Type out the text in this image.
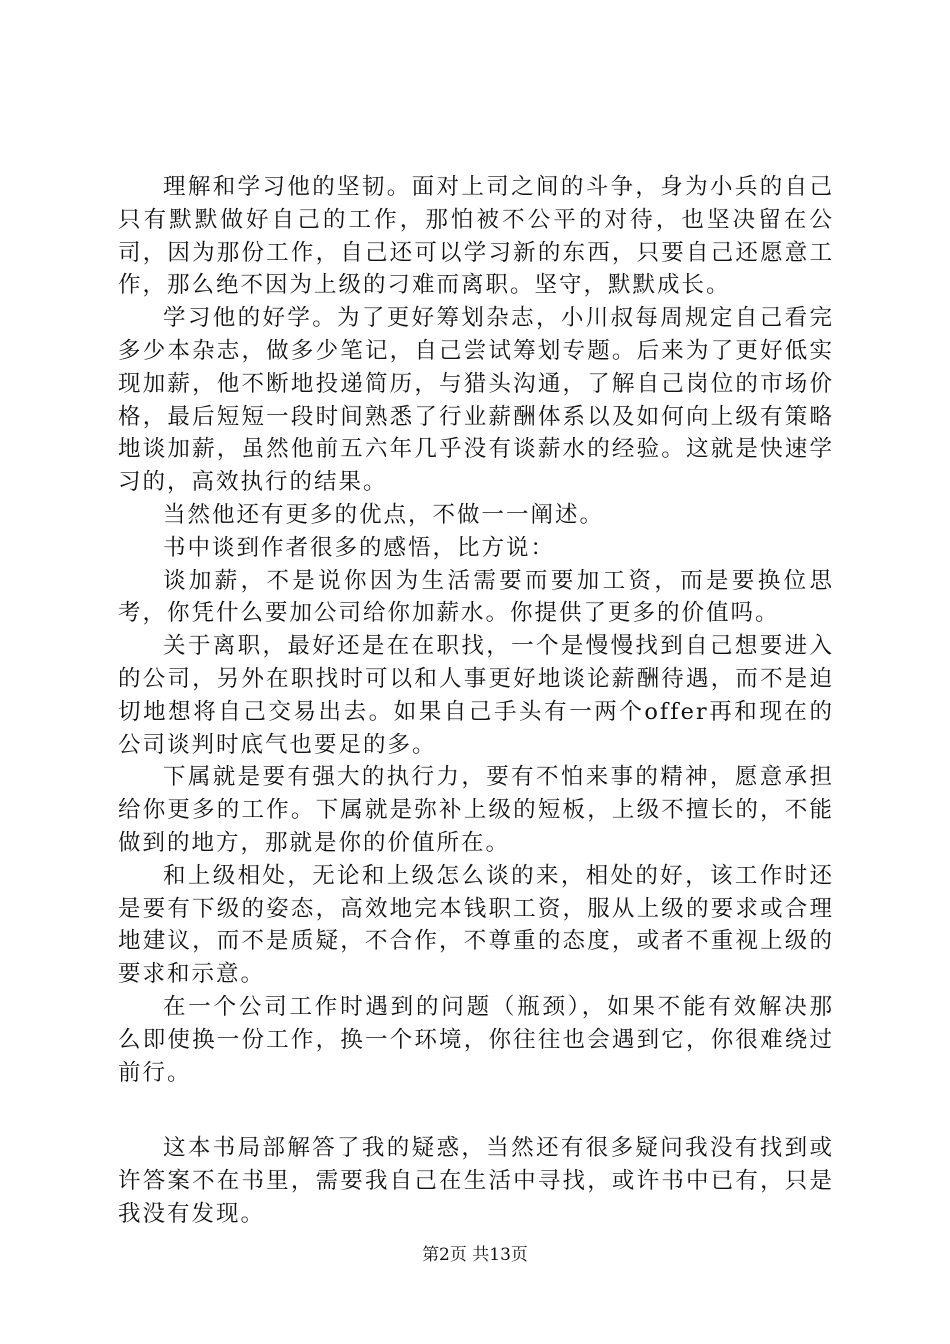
理解和学习他的坚韧。面对上司之间的斗争，身为小兵的自己只有默默做好自己的工作，那怕被不公平的对待，也坚决留在公司，因为那份工作，自己还可以学习新的东西，只要自己还愿意工作，那么绝不因为上级的刁难而离职。坚守，默默成长。

学习他的好学。为了更好筹划杂志，小川叔每周规定自己看完多少本杂志，做多少笔记，自己尝试筹划专题。后来为了更好低实现加薪，他不断地投递简历，与猎头沟通，了解自己岗位的市场价格，最后短短一段时间熟悉了行业薪酬体系以及如何向上级有策略地谈加薪，虽然他前五六年几乎没有谈薪水的经验。这就是快速学习的，高效执行的结果。

当然他还有更多的优点，不做一一阐述。

书中谈到作者很多的感悟，比方说：

谈加薪，不是说你因为生活需要而要加工资，而是要换位思考，你凭什么要加公司给你加薪水。你提供了更多的价值吗。

关于离职，最好还是在在职找，一个是慢慢找到自己想要进入的公司，另外在职找时可以和人事更好地谈论薪酬待遇，而不是迫切地想将自己交易出去。如果自己手头有一两个offer再和现在的公司谈判时底气也要足的多。

下属就是要有强大的执行力，要有不怕来事的精神，愿意承担给你更多的工作。下属就是弥补上级的短板，上级不擅长的，不能做到的地方，那就是你的价值所在。

和上级相处，无论和上级怎么谈的来，相处的好，该工作时还是要有下级的姿态，高效地完本钱职工资，服从上级的要求或合理地建议，而不是质疑，不合作，不尊重的态度，或者不重视上级的要求和示意。

在一个公司工作时遇到的问题（瓶颈），如果不能有效解决那么即使换一份工作，换一个环境，你往往也会遇到它，你很难绕过前行。

这本书局部解答了我的疑惑，当然还有很多疑问我没有找到或许答案不在书里，需要我自己在生活中寻找，或许书中已有，只是我没有发现。

第2页 共13页
